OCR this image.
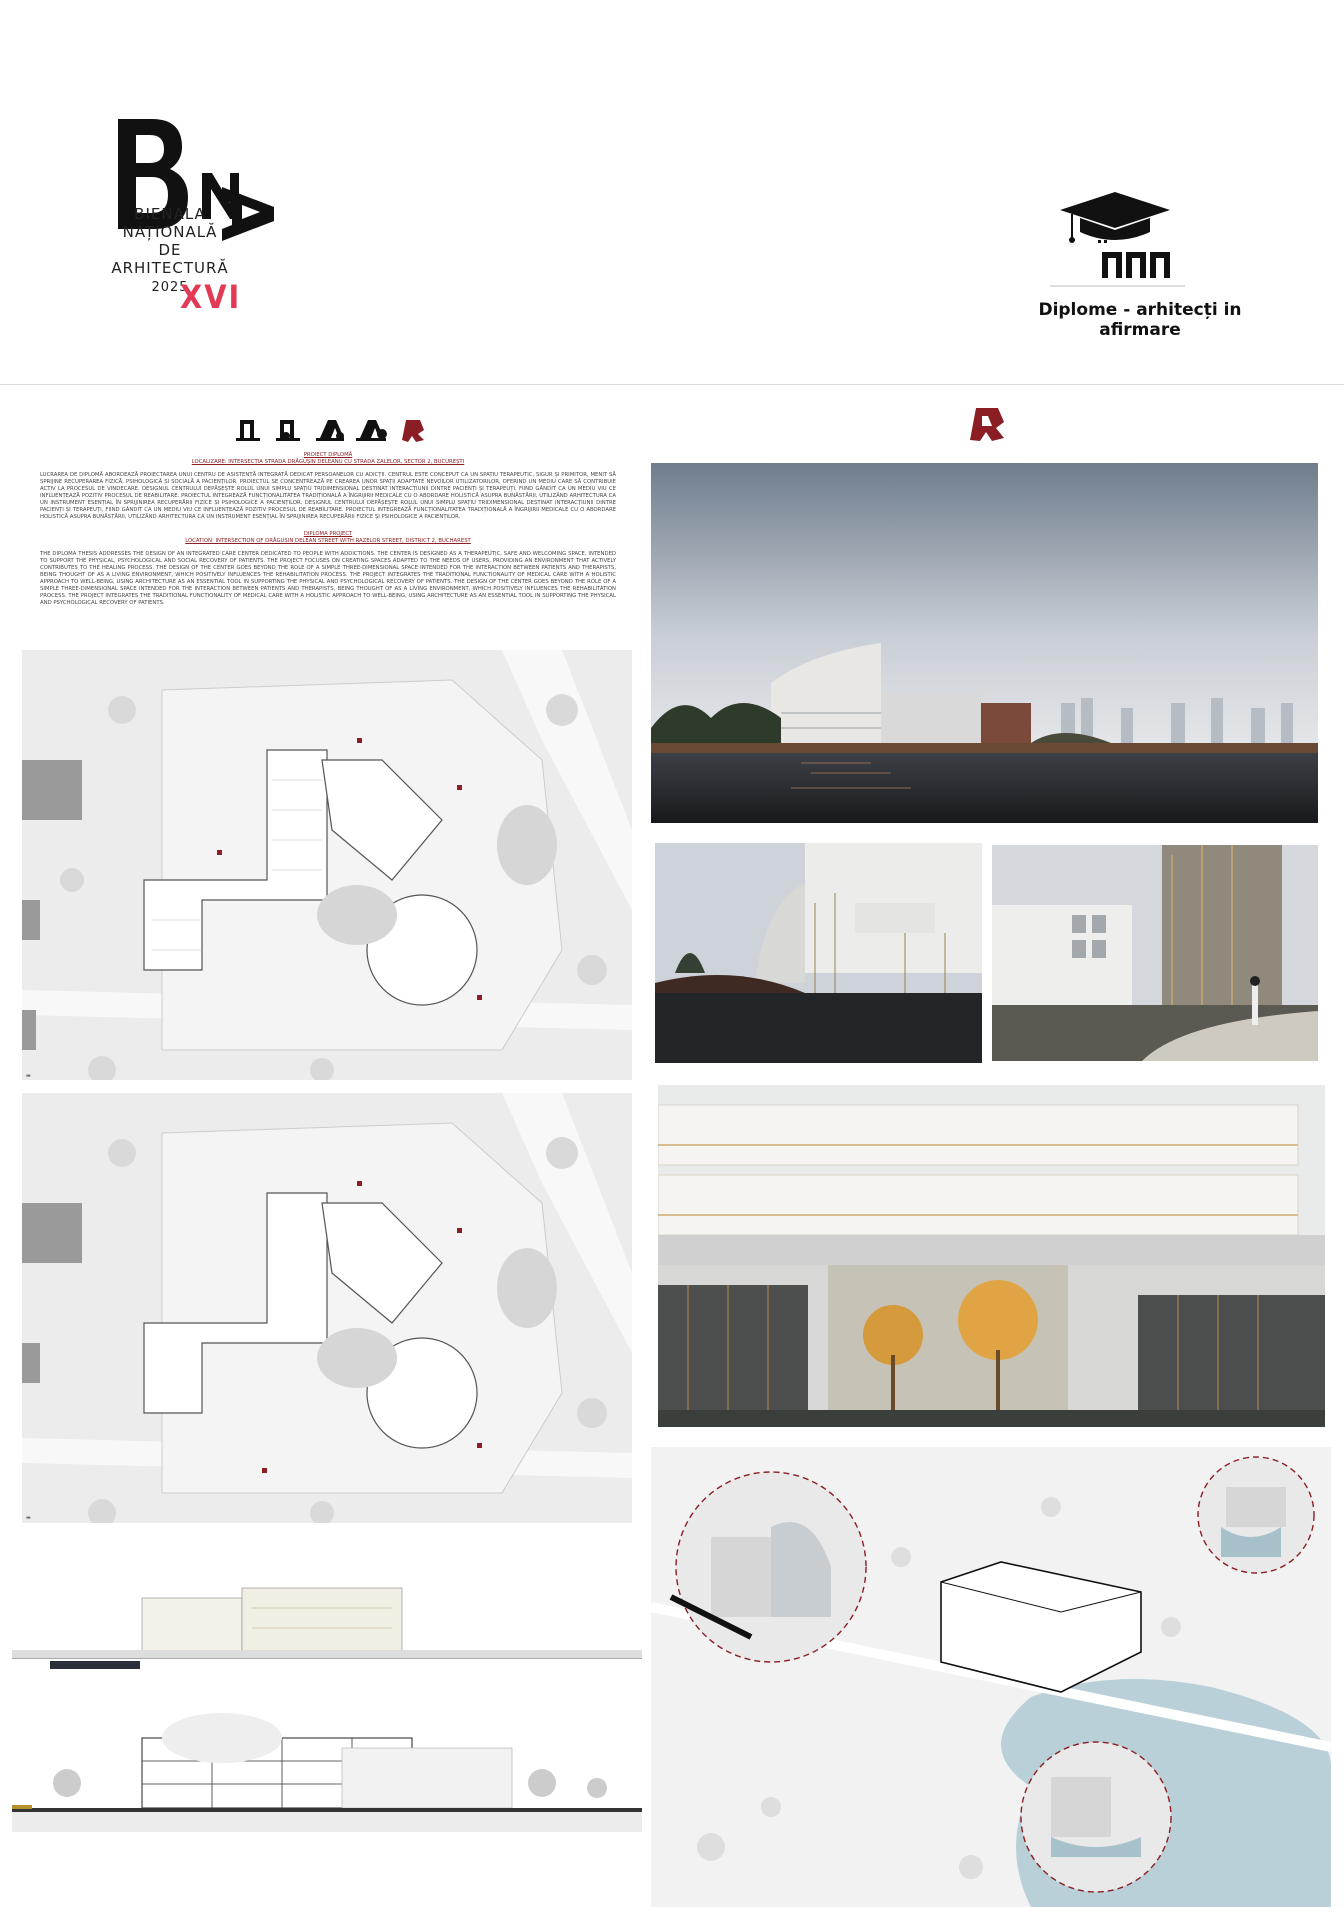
BIENALA
NAȚIONALĂ
DE
ARHITECTURĂ
2025
XVI	Diplome - arhitecți in afirmare

PROIECT DIPLOMĂ

LOCALIZARE: INTERSECȚIA STRADA DRĂGUȘIN DELEANU CU STRADA ZALELOR, SECTOR 2, BUCUREȘTI

LUCRAREA DE DIPLOMĂ ABORDEAZĂ PROIECTAREA UNUI CENTRU DE ASISTENȚĂ INTEGRATĂ DEDICAT PERSOANELOR CU ADICȚII. CENTRUL ESTE CONCEPUT CA UN SPAȚIU TERAPEUTIC, SIGUR ȘI PRIMITOR, MENIT SĂ SPRIJINE RECUPERAREA FIZICĂ, PSIHOLOGICĂ ȘI SOCIALĂ A PACIENȚILOR. PROIECTUL SE CONCENTREAZĂ PE CREAREA UNOR SPAȚII ADAPTATE NEVOILOR UTILIZATORILOR, OFERIND UN MEDIU CARE SĂ CONTRIBUIE ACTIV LA PROCESUL DE VINDECARE. DESIGNUL CENTRULUI DEPĂȘEȘTE ROLUL UNUI SIMPLU SPAȚIU TRIDIMENSIONAL DESTINAT INTERACȚIUNII DINTRE PACIENȚI ȘI TERAPEUȚI, FIIND GÂNDIT CA UN MEDIU VIU CE INFLUENȚEAZĂ POZITIV PROCESUL DE REABILITARE. PROIECTUL INTEGREAZĂ FUNCȚIONALITATEA TRADIȚIONALĂ A ÎNGRIJIRII MEDICALE CU O ABORDARE HOLISTICĂ ASUPRA BUNĂSTĂRII, UTILIZÂND ARHITECTURA CA UN INSTRUMENT ESENȚIAL ÎN SPRIJINIREA RECUPERĂRII FIZICE ȘI PSIHOLOGICE A PACIENȚILOR. DESIGNUL CENTRULUI DEPĂȘEȘTE ROLUL UNUI SIMPLU SPAȚIU TRIDIMENSIONAL DESTINAT INTERACȚIUNII DINTRE PACIENȚI ȘI TERAPEUȚI, FIIND GÂNDIT CA UN MEDIU VIU CE INFLUENȚEAZĂ POZITIV PROCESUL DE REABILITARE. PROIECTUL INTEGREAZĂ FUNCȚIONALITATEA TRADIȚIONALĂ A ÎNGRIJIRII MEDICALE CU O ABORDARE HOLISTICĂ ASUPRA BUNĂSTĂRII, UTILIZÂND ARHITECTURA CA UN INSTRUMENT ESENȚIAL ÎN SPRIJINIREA RECUPERĂRII FIZICE ȘI PSIHOLOGICE A PACIENȚILOR.

DIPLOMA PROJECT

LOCATION: INTERSECTION OF DRĂGUȘIN DELEAN STREET WITH RAZELOR STREET, DISTRICT 2, BUCHAREST

THE DIPLOMA THESIS ADDRESSES THE DESIGN OF AN INTEGRATED CARE CENTER DEDICATED TO PEOPLE WITH ADDICTIONS. THE CENTER IS DESIGNED AS A THERAPEUTIC, SAFE AND WELCOMING SPACE, INTENDED TO SUPPORT THE PHYSICAL, PSYCHOLOGICAL AND SOCIAL RECOVERY OF PATIENTS. THE PROJECT FOCUSES ON CREATING SPACES ADAPTED TO THE NEEDS OF USERS, PROVIDING AN ENVIRONMENT THAT ACTIVELY CONTRIBUTES TO THE HEALING PROCESS. THE DESIGN OF THE CENTER GOES BEYOND THE ROLE OF A SIMPLE THREE-DIMENSIONAL SPACE INTENDED FOR THE INTERACTION BETWEEN PATIENTS AND THERAPISTS, BEING THOUGHT OF AS A LIVING ENVIRONMENT, WHICH POSITIVELY INFLUENCES THE REHABILITATION PROCESS. THE PROJECT INTEGRATES THE TRADITIONAL FUNCTIONALITY OF MEDICAL CARE WITH A HOLISTIC APPROACH TO WELL-BEING, USING ARCHITECTURE AS AN ESSENTIAL TOOL IN SUPPORTING THE PHYSICAL AND PSYCHOLOGICAL RECOVERY OF PATIENTS. THE DESIGN OF THE CENTER GOES BEYOND THE ROLE OF A SIMPLE THREE-DIMENSIONAL SPACE INTENDED FOR THE INTERACTION BETWEEN PATIENTS AND THERAPISTS, BEING THOUGHT OF AS A LIVING ENVIRONMENT, WHICH POSITIVELY INFLUENCES THE REHABILITATION PROCESS. THE PROJECT INTEGRATES THE TRADITIONAL FUNCTIONALITY OF MEDICAL CARE WITH A HOLISTIC APPROACH TO WELL-BEING, USING ARCHITECTURE AS AN ESSENTIAL TOOL IN SUPPORTING THE PHYSICAL AND PSYCHOLOGICAL RECOVERY OF PATIENTS.

▬
▬
